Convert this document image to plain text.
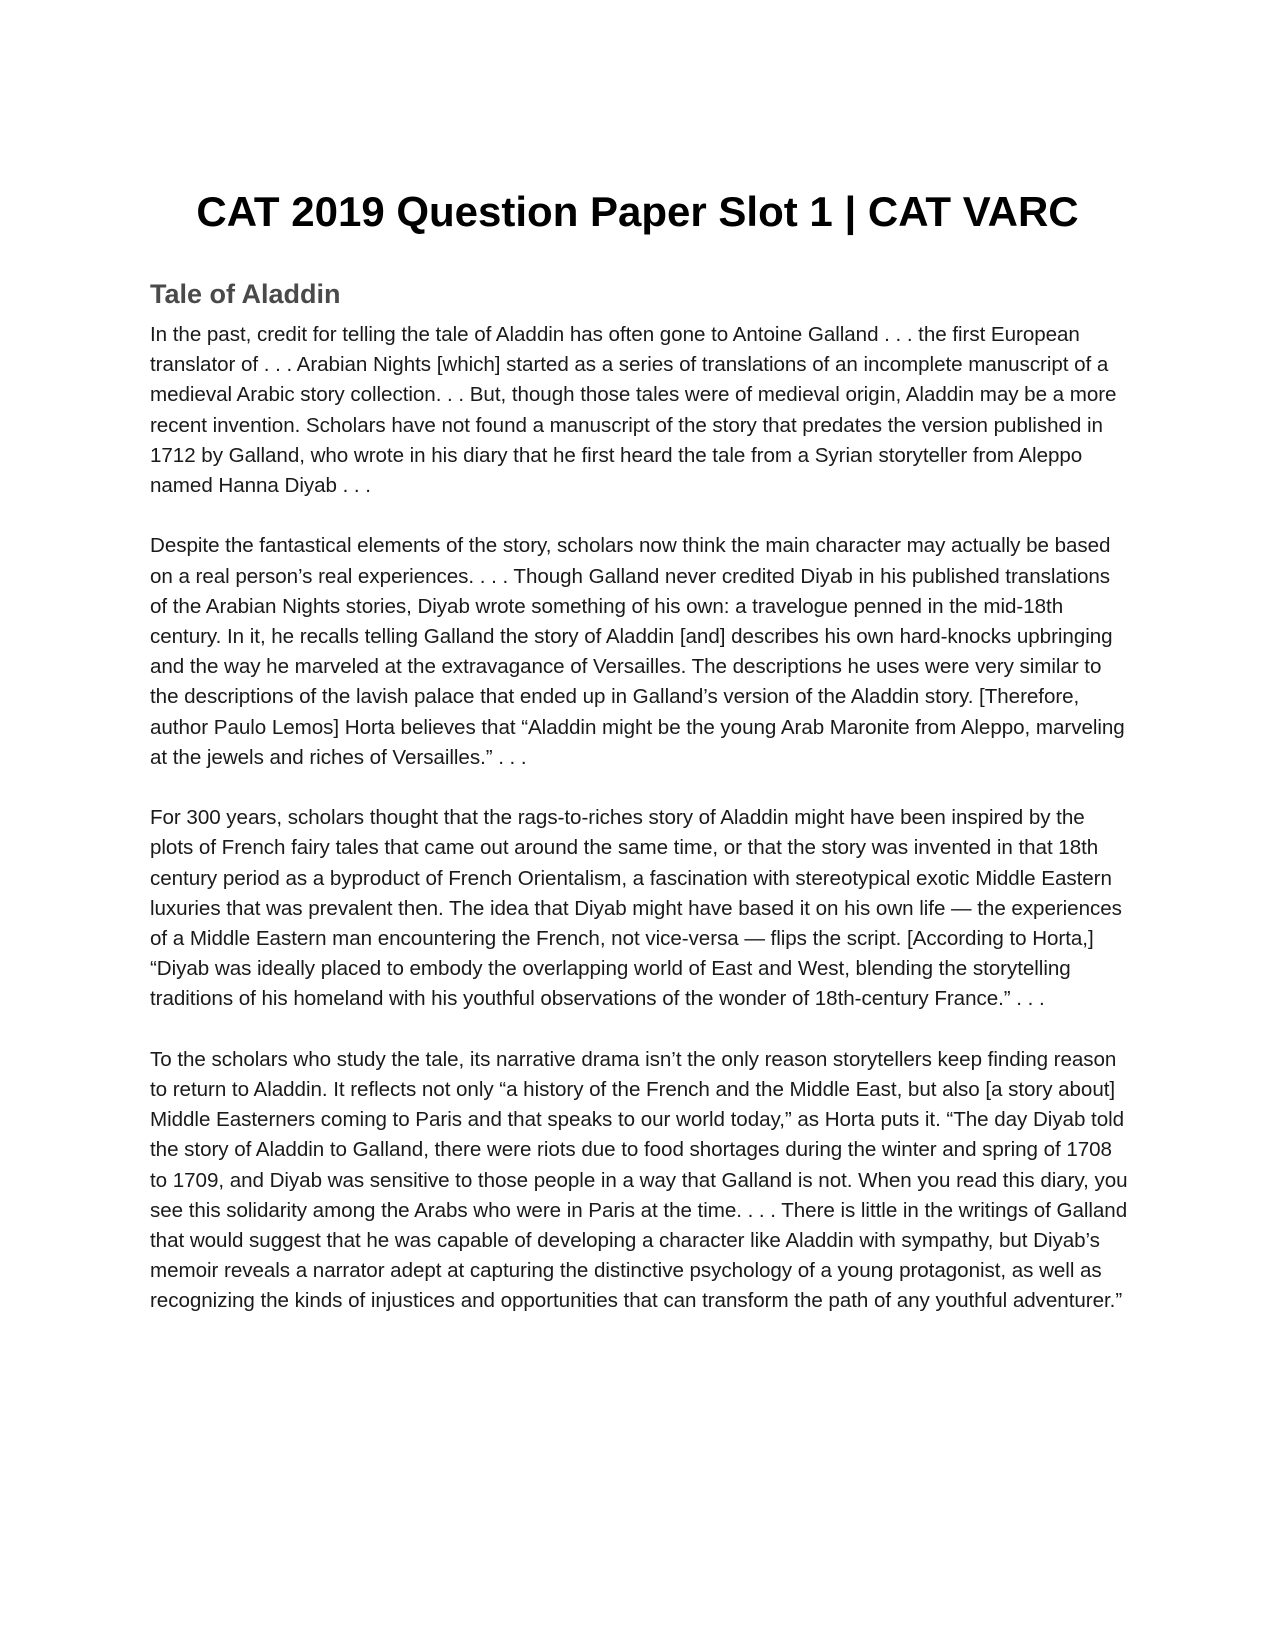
CAT 2019 Question Paper Slot 1 | CAT VARC
Tale of Aladdin

In the past, credit for telling the tale of Aladdin has often gone to Antoine Galland . . . the first European translator of . . . Arabian Nights [which] started as a series of translations of an incomplete manuscript of a medieval Arabic story collection. . . But, though those tales were of medieval origin, Aladdin may be a more recent invention. Scholars have not found a manuscript of the story that predates the version published in 1712 by Galland, who wrote in his diary that he first heard the tale from a Syrian storyteller from Aleppo named Hanna Diyab . . .

Despite the fantastical elements of the story, scholars now think the main character may actually be based on a real person’s real experiences. . . . Though Galland never credited Diyab in his published translations of the Arabian Nights stories, Diyab wrote something of his own: a travelogue penned in the mid-18th century. In it, he recalls telling Galland the story of Aladdin [and] describes his own hard-knocks upbringing and the way he marveled at the extravagance of Versailles. The descriptions he uses were very similar to the descriptions of the lavish palace that ended up in Galland’s version of the Aladdin story. [Therefore, author Paulo Lemos] Horta believes that “Aladdin might be the young Arab Maronite from Aleppo, marveling at the jewels and riches of Versailles.” . . .

For 300 years, scholars thought that the rags-to-riches story of Aladdin might have been inspired by the plots of French fairy tales that came out around the same time, or that the story was invented in that 18th century period as a byproduct of French Orientalism, a fascination with stereotypical exotic Middle Eastern luxuries that was prevalent then. The idea that Diyab might have based it on his own life — the experiences of a Middle Eastern man encountering the French, not vice-versa — flips the script. [According to Horta,] “Diyab was ideally placed to embody the overlapping world of East and West, blending the storytelling traditions of his homeland with his youthful observations of the wonder of 18th-century France.” . . .

To the scholars who study the tale, its narrative drama isn’t the only reason storytellers keep finding reason to return to Aladdin. It reflects not only “a history of the French and the Middle East, but also [a story about] Middle Easterners coming to Paris and that speaks to our world today,” as Horta puts it. “The day Diyab told the story of Aladdin to Galland, there were riots due to food shortages during the winter and spring of 1708 to 1709, and Diyab was sensitive to those people in a way that Galland is not. When you read this diary, you see this solidarity among the Arabs who were in Paris at the time. . . . There is little in the writings of Galland that would suggest that he was capable of developing a character like Aladdin with sympathy, but Diyab’s memoir reveals a narrator adept at capturing the distinctive psychology of a young protagonist, as well as recognizing the kinds of injustices and opportunities that can transform the path of any youthful adventurer.”
